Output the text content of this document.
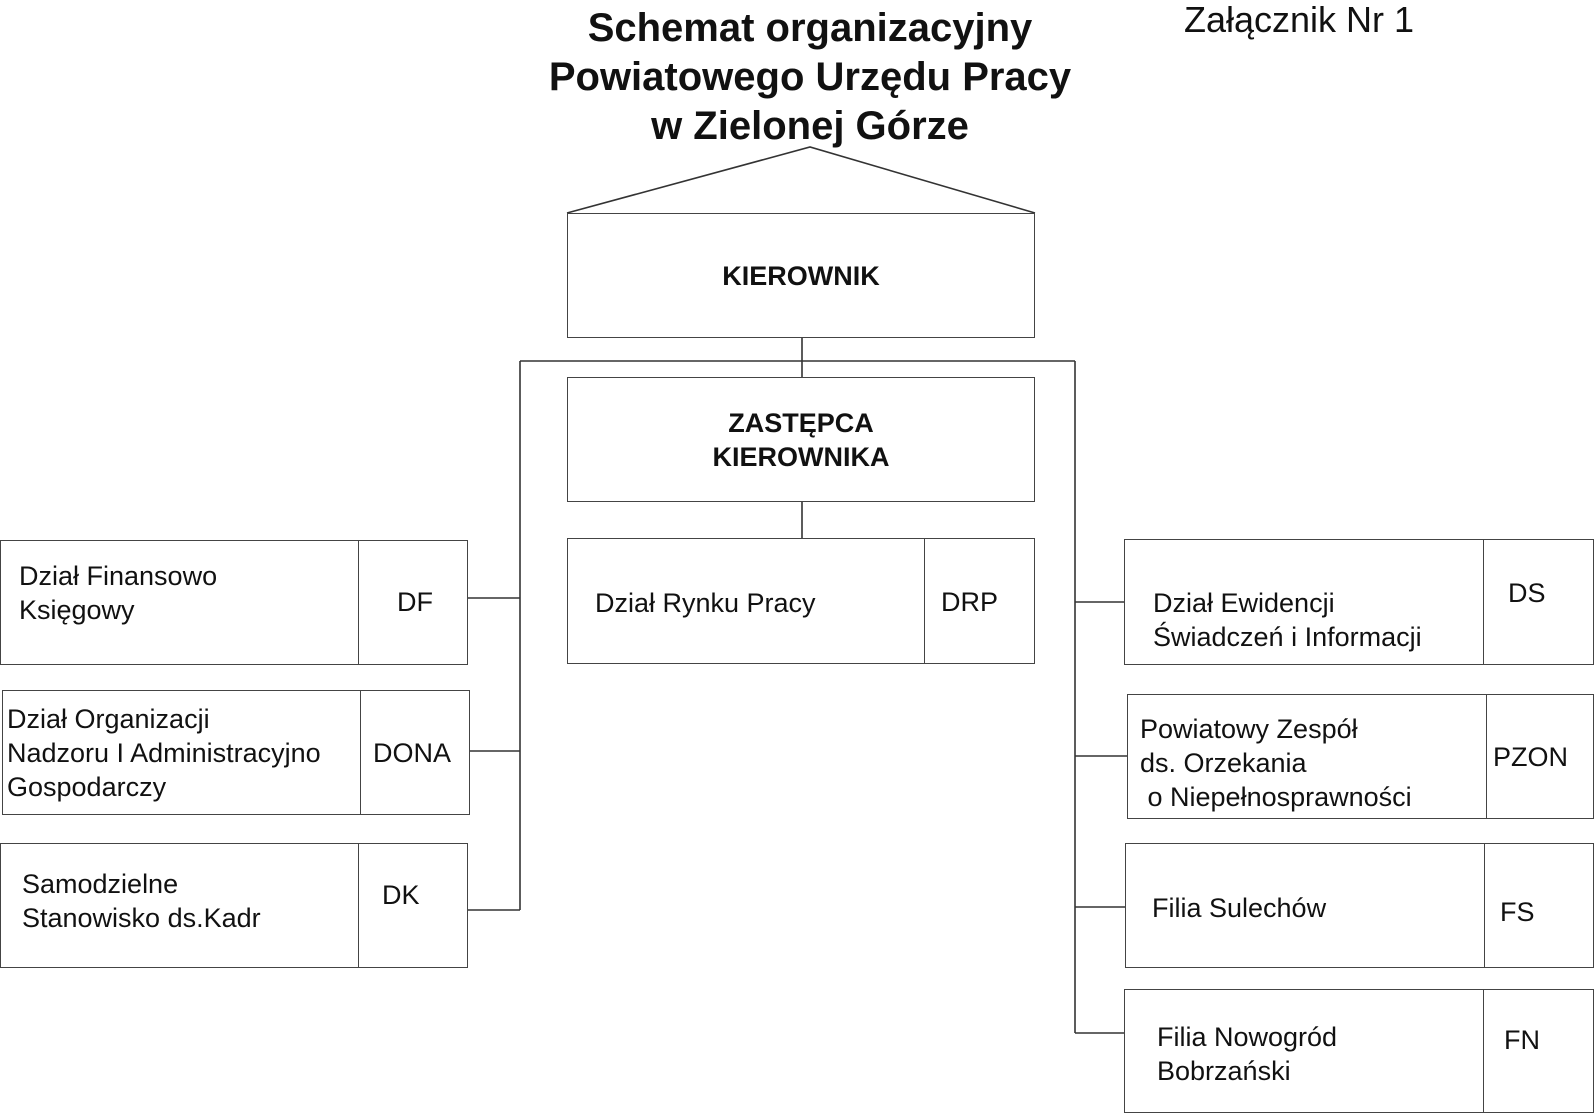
Schemat organizacyjny
Powiatowego Urzędu Pracy
w Zielonej Górze
Załącznik Nr 1
KIEROWNIK
ZASTĘPCA
KIEROWNIKA
Dział Rynku Pracy	DRP
Dział Finansowo
Księgowy	DF
Dział Organizacji
Nadzoru I Administracyjno
Gospodarczy
DONA
Samodzielne
Stanowisko ds.Kadr
DK
Dział Ewidencji
Świadczeń i Informacji
DS
Powiatowy Zespół
ds. Orzekania
o Niepełnosprawności
PZON
Filia Sulechów	FS
Filia Nowogród
Bobrzański
FN
